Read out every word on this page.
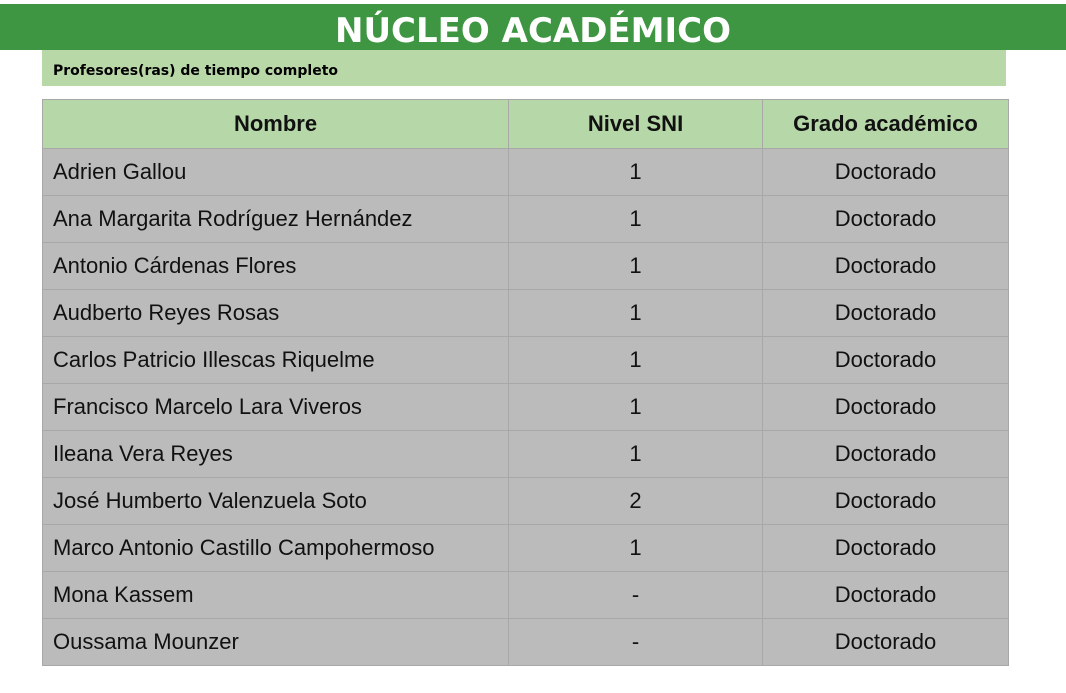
NÚCLEO ACADÉMICO
Profesores(ras) de tiempo completo
Nombre	Nivel SNI	Grado académico
Adrien Gallou	1	Doctorado
Ana Margarita Rodríguez Hernández	1	Doctorado
Antonio Cárdenas Flores	1	Doctorado
Audberto Reyes Rosas	1	Doctorado
Carlos Patricio Illescas Riquelme	1	Doctorado
Francisco Marcelo Lara Viveros	1	Doctorado
Ileana Vera Reyes	1	Doctorado
José Humberto Valenzuela Soto	2	Doctorado
Marco Antonio Castillo Campohermoso	1	Doctorado
Mona Kassem	-	Doctorado
Oussama Mounzer	-	Doctorado
